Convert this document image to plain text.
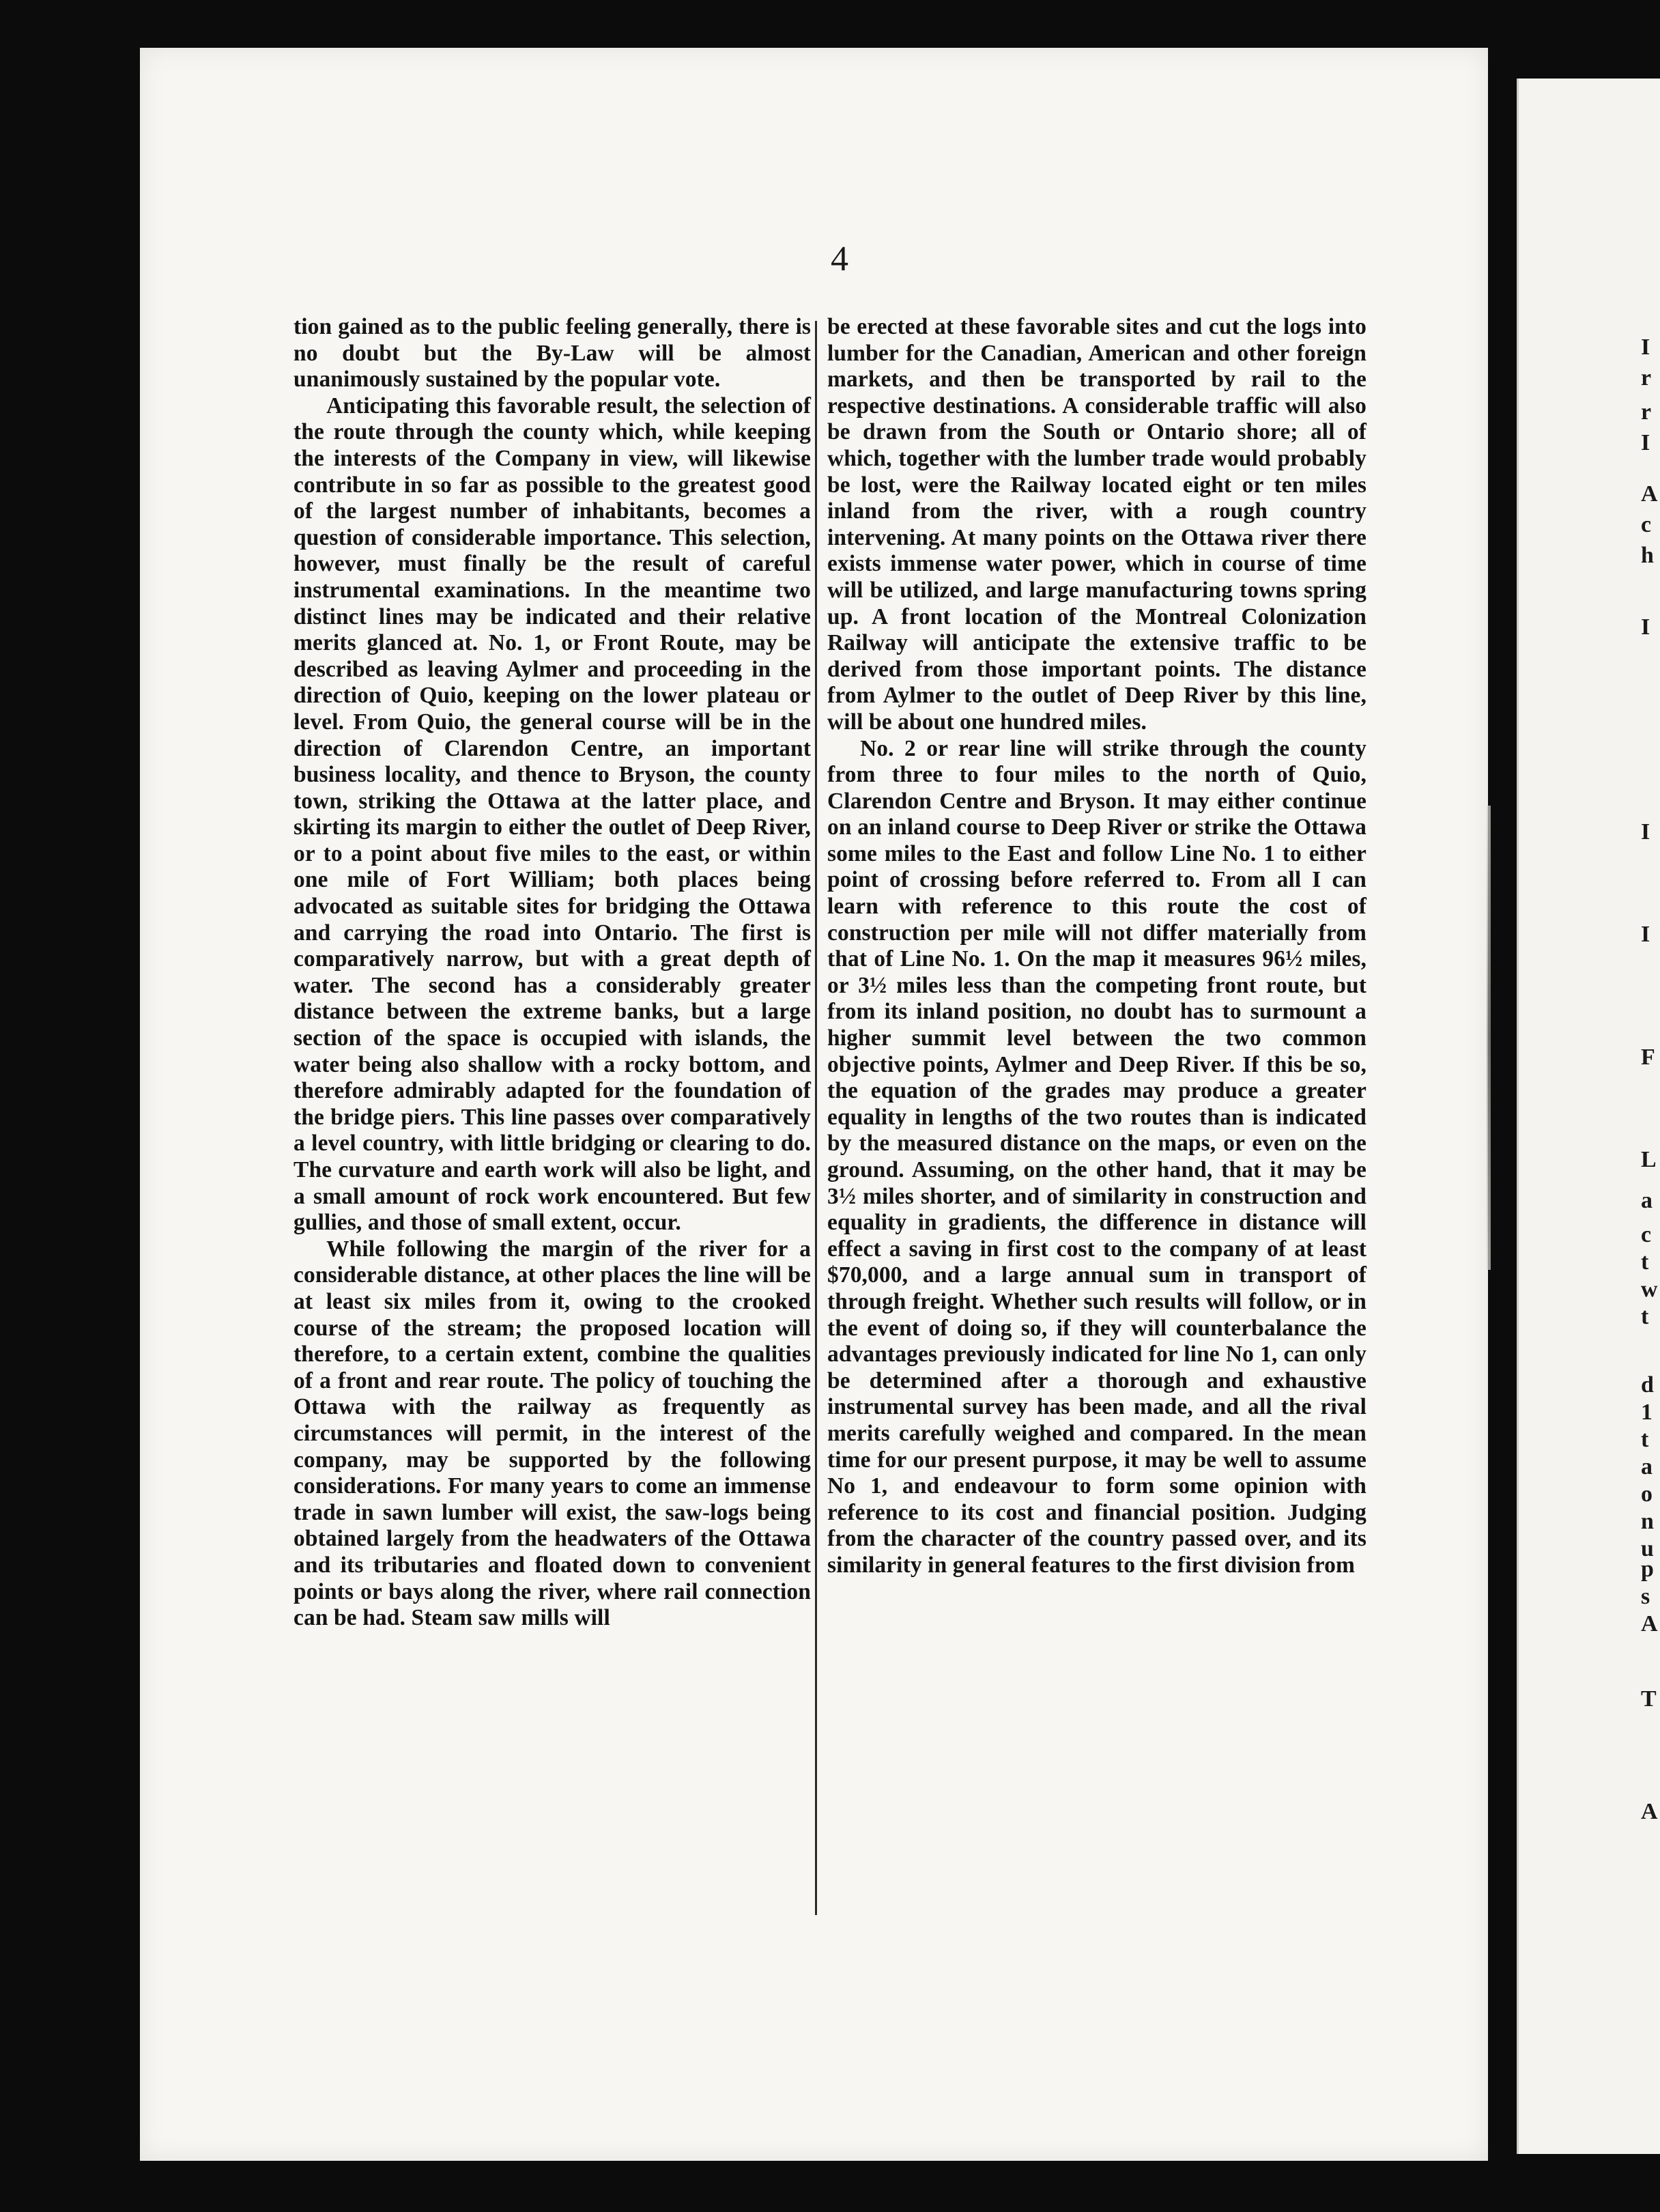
4

tion gained as to the public feeling generally, there is no doubt but the By-Law will be almost unanimously sustained by the popular vote.

Anticipating this favorable result, the selection of the route through the county which, while keeping the interests of the Company in view, will likewise contribute in so far as possible to the greatest good of the largest number of inhabitants, becomes a question of considerable importance. This selection, however, must finally be the result of careful instrumental examinations. In the meantime two distinct lines may be indicated and their relative merits glanced at. No. 1, or Front Route, may be described as leaving Aylmer and proceeding in the direction of Quio, keeping on the lower plateau or level. From Quio, the general course will be in the direction of Clarendon Centre, an important business locality, and thence to Bryson, the county town, striking the Ottawa at the latter place, and skirting its margin to either the outlet of Deep River, or to a point about five miles to the east, or within one mile of Fort William; both places being advocated as suitable sites for bridging the Ottawa and carrying the road into Ontario. The first is comparatively narrow, but with a great depth of water. The second has a considerably greater distance between the extreme banks, but a large section of the space is occupied with islands, the water being also shallow with a rocky bottom, and therefore admirably adapted for the foundation of the bridge piers. This line passes over comparatively a level country, with little bridging or clearing to do. The curvature and earth work will also be light, and a small amount of rock work encountered. But few gullies, and those of small extent, occur.

While following the margin of the river for a considerable distance, at other places the line will be at least six miles from it, owing to the crooked course of the stream; the proposed location will therefore, to a certain extent, combine the qualities of a front and rear route. The policy of touching the Ottawa with the railway as frequently as circumstances will permit, in the interest of the company, may be supported by the following considerations. For many years to come an immense trade in sawn lumber will exist, the saw-logs being obtained largely from the headwaters of the Ottawa and its tributaries and floated down to convenient points or bays along the river, where rail connection can be had. Steam saw mills will

be erected at these favorable sites and cut the logs into lumber for the Canadian, American and other foreign markets, and then be transported by rail to the respective destinations. A considerable traffic will also be drawn from the South or Ontario shore; all of which, together with the lumber trade would probably be lost, were the Railway located eight or ten miles inland from the river, with a rough country intervening. At many points on the Ottawa river there exists immense water power, which in course of time will be utilized, and large manufacturing towns spring up. A front location of the Montreal Colonization Railway will anticipate the extensive traffic to be derived from those important points. The distance from Aylmer to the outlet of Deep River by this line, will be about one hundred miles.

No. 2 or rear line will strike through the county from three to four miles to the north of Quio, Clarendon Centre and Bryson. It may either continue on an inland course to Deep River or strike the Ottawa some miles to the East and follow Line No. 1 to either point of crossing before referred to. From all I can learn with reference to this route the cost of construction per mile will not differ materially from that of Line No. 1. On the map it measures 96½ miles, or 3½ miles less than the competing front route, but from its inland position, no doubt has to surmount a higher summit level between the two common objective points, Aylmer and Deep River. If this be so, the equation of the grades may produce a greater equality in lengths of the two routes than is indicated by the measured distance on the maps, or even on the ground. Assuming, on the other hand, that it may be 3½ miles shorter, and of similarity in construction and equality in gradients, the difference in distance will effect a saving in first cost to the company of at least $70,000, and a large annual sum in transport of through freight. Whether such results will follow, or in the event of doing so, if they will counterbalance the advantages previously indicated for line No 1, can only be determined after a thorough and exhaustive instrumental survey has been made, and all the rival merits carefully weighed and compared. In the mean time for our present purpose, it may be well to assume No 1, and endeavour to form some opinion with reference to its cost and financial position. Judging from the character of the country passed over, and its similarity in general features to the first division from

I
r
r
I
A
c
h
I
I
I
F
L
a
c
t
w
t
d
1
t
a
o
n
u
p
s
A
T
A
